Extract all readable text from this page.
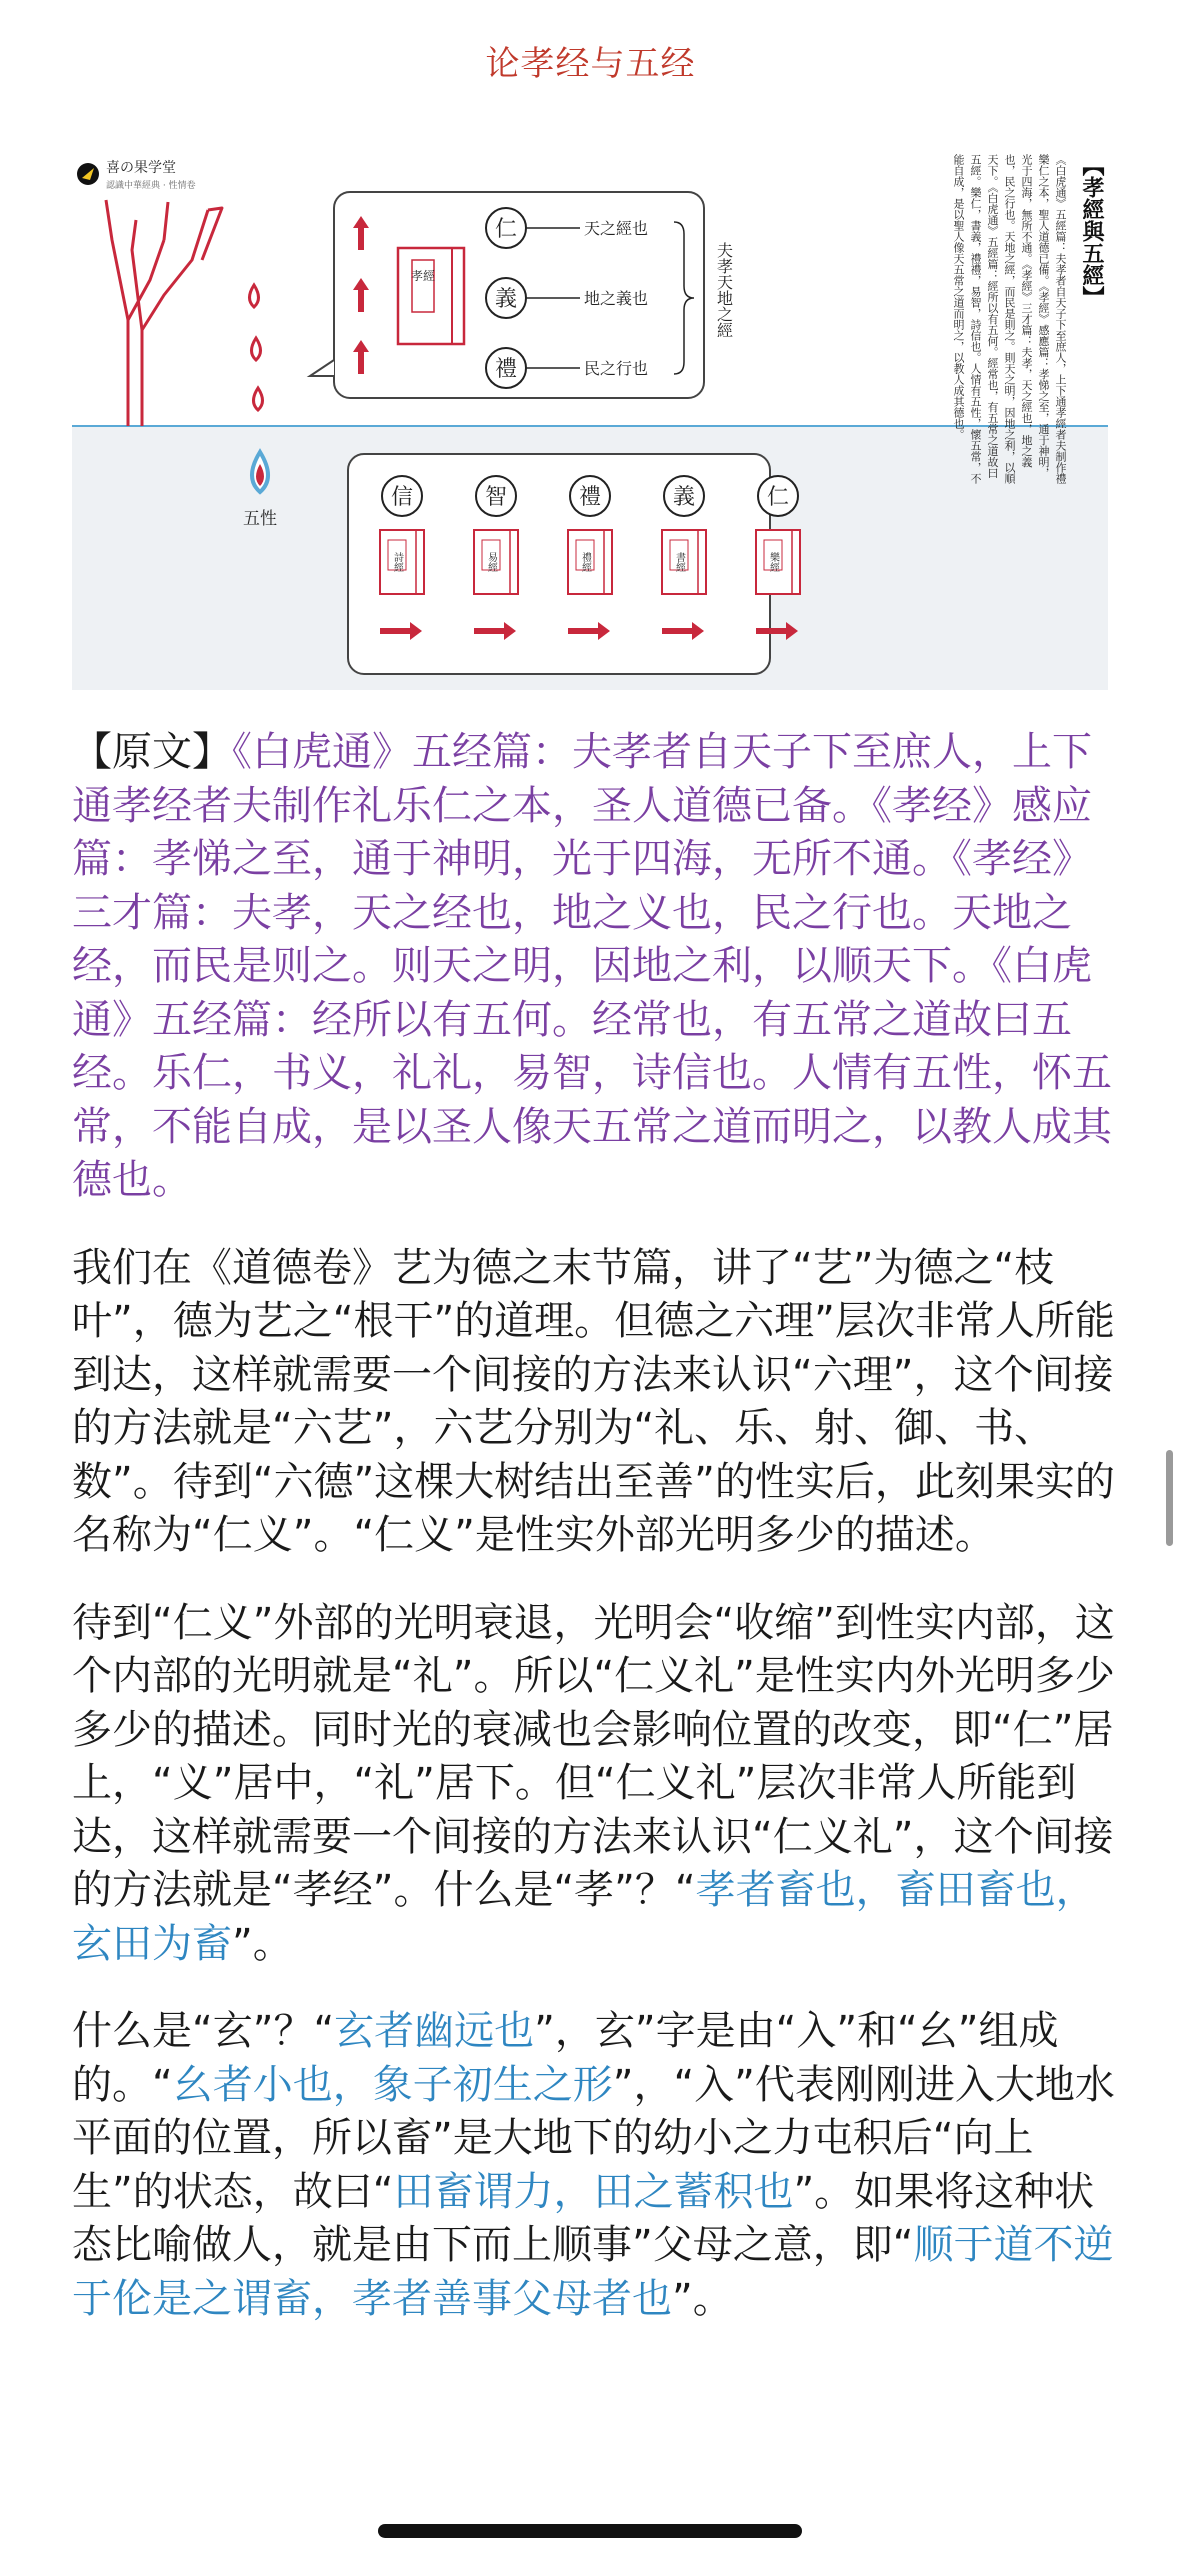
论孝经与五经
喜の果学堂
認識中華經典 · 性情卷
五性
孝經
仁
義
禮
天之經也
地之義也
民之行也
夫孝天地之經
信	智	禮	義	仁
詩經	易經	禮經	書經	樂經
【孝經與五經】
《白虎通》五經篇：夫孝者自天子下至庶人，上下通孝經者夫制作禮樂仁之本，聖人道德已備。《孝經》感應篇：孝悌之至，通于神明，光于四海，無所不通。《孝經》三才篇：夫孝，天之經也，地之義也，民之行也。天地之經，而民是則之。則天之明，因地之利，以順天下。《白虎通》五經篇：經所以有五何。經常也，有五常之道故曰五經。樂仁，書義，禮禮，易智，詩信也。人情有五性，懷五常，不能自成，是以聖人像天五常之道而明之，以教人成其德也。

【原文】《白虎通》五经篇：夫孝者自天子下至庶人，上下通孝经者夫制作礼乐仁之本，圣人道德已备。《孝经》感应篇：孝悌之至，通于神明，光于四海，无所不通。《孝经》三才篇：夫孝，天之经也，地之义也，民之行也。天地之经，而民是则之。则天之明，因地之利，以顺天下。《白虎通》五经篇：经所以有五何。经常也，有五常之道故曰五经。乐仁，书义，礼礼，易智，诗信也。人情有五性，怀五常，不能自成，是以圣人像天五常之道而明之，以教人成其德也。

我们在《道德卷》艺为德之末节篇，讲了“艺”为德之“枝叶”，德为艺之“根干”的道理。但德之六理”层次非常人所能到达，这样就需要一个间接的方法来认识“六理”，这个间接的方法就是“六艺”，六艺分别为“礼、乐、射、御、书、数”。待到“六德”这棵大树结出至善”的性实后，此刻果实的名称为“仁义”。“仁义”是性实外部光明多少的描述。

待到“仁义”外部的光明衰退，光明会“收缩”到性实内部，这个内部的光明就是“礼”。所以“仁义礼”是性实内外光明多少多少的描述。同时光的衰减也会影响位置的改变，即“仁”居上，“义”居中，“礼”居下。但“仁义礼”层次非常人所能到达，这样就需要一个间接的方法来认识“仁义礼”，这个间接的方法就是“孝经”。什么是“孝”？“孝者畜也，畜田畜也，玄田为畜”。

什么是“玄”？“玄者幽远也”，玄”字是由“入”和“幺”组成的。“幺者小也，象子初生之形”，“入”代表刚刚进入大地水平面的位置，所以畜”是大地下的幼小之力屯积后“向上生”的状态，故曰“田畜谓力，田之蓄积也”。如果将这种状态比喻做人，就是由下而上顺事”父母之意，即“顺于道不逆于伦是之谓畜，孝者善事父母者也”。
